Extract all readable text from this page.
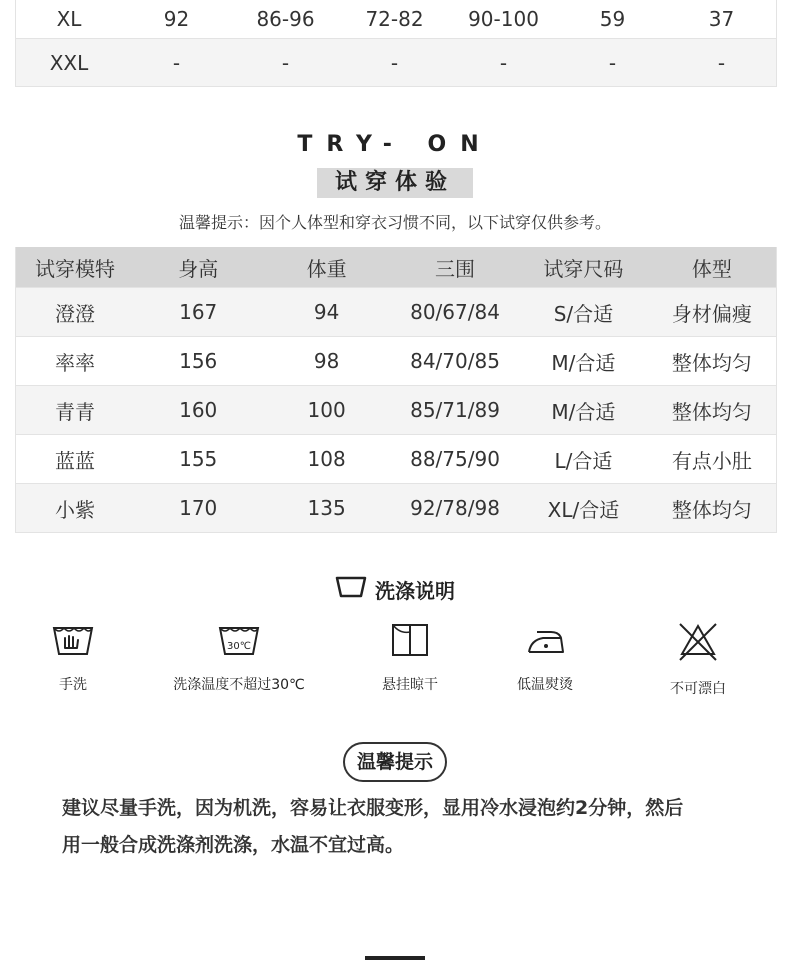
XL	92	86-96	72-82	90-100	59	37
XXL	-	-	-	-	-	-
TRY- ON
试穿体验
温馨提示：因个人体型和穿衣习惯不同，以下试穿仅供参考。
试穿模特	身高	体重	三围	试穿尺码	体型
澄澄	167	94	80/67/84	S/合适	身材偏瘦
率率	156	98	84/70/85	M/合适	整体均匀
青青	160	100	85/71/89	M/合适	整体均匀
蓝蓝	155	108	88/75/90	L/合适	有点小肚
小紫	170	135	92/78/98	XL/合适	整体均匀
洗涤说明
手洗
30℃
洗涤温度不超过30℃	悬挂晾干	低温熨烫	不可漂白
温馨提示
建议尽量手洗，因为机洗，容易让衣服变形，显用冷水浸泡约2分钟，然后
用一般合成洗涤剂洗涤，水温不宜过高。
